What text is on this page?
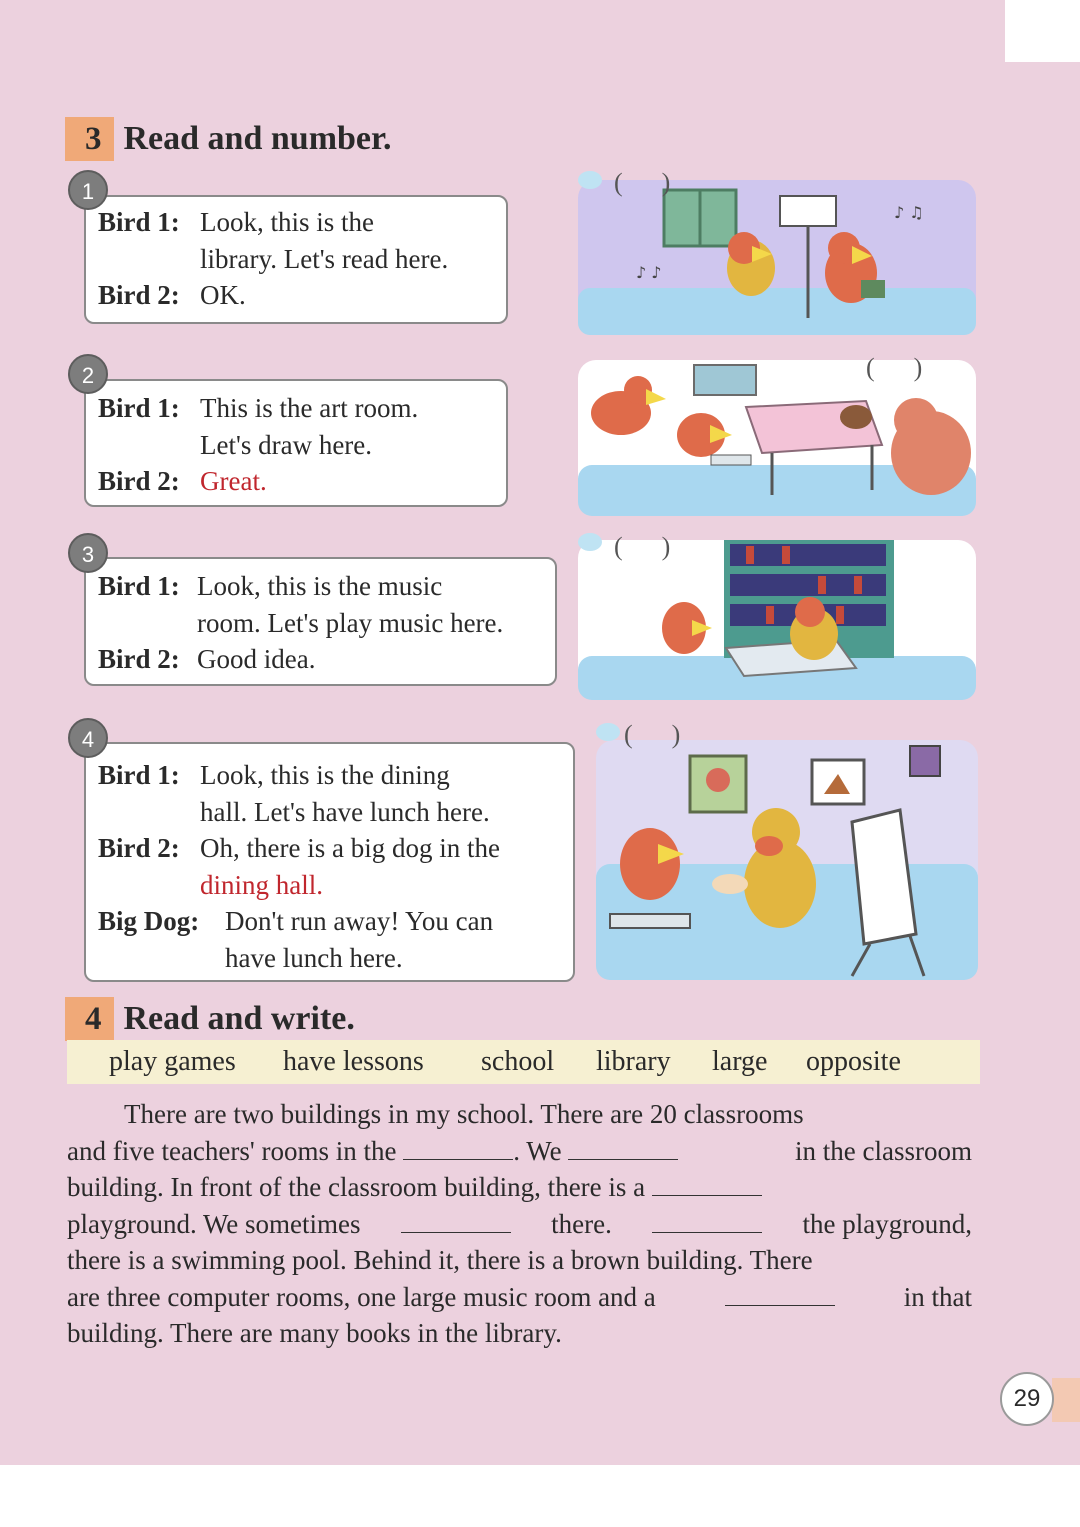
3 Read and number.
Bird 1: Look, this is the
library. Let's read here.
Bird 2: OK.
1
Bird 1: This is the art room.
Let's draw here.
Bird 2: Great.
2
Bird 1: Look, this is the music
room. Let's play music here.
Bird 2: Good idea.
3
Bird 1: Look, this is the dining
hall. Let's have lunch here.
Bird 2: Oh, there is a big dog in the
dining hall.
Big Dog: Don't run away! You can
have lunch here.
4
♪ ♫
♪ ♪
(      )
(      )
(      )
(      )
4 Read and write.
play games have lessons school library large opposite
There are two buildings in my school. There are 20 classrooms
and five teachers' rooms in the	. We	in the classroom
building. In front of the classroom building, there is a

playground. We sometimes	there.	the playground,
there is a swimming pool. Behind it, there is a brown building. There
are three computer rooms, one large music room and a	in that
building. There are many books in the library.
29
